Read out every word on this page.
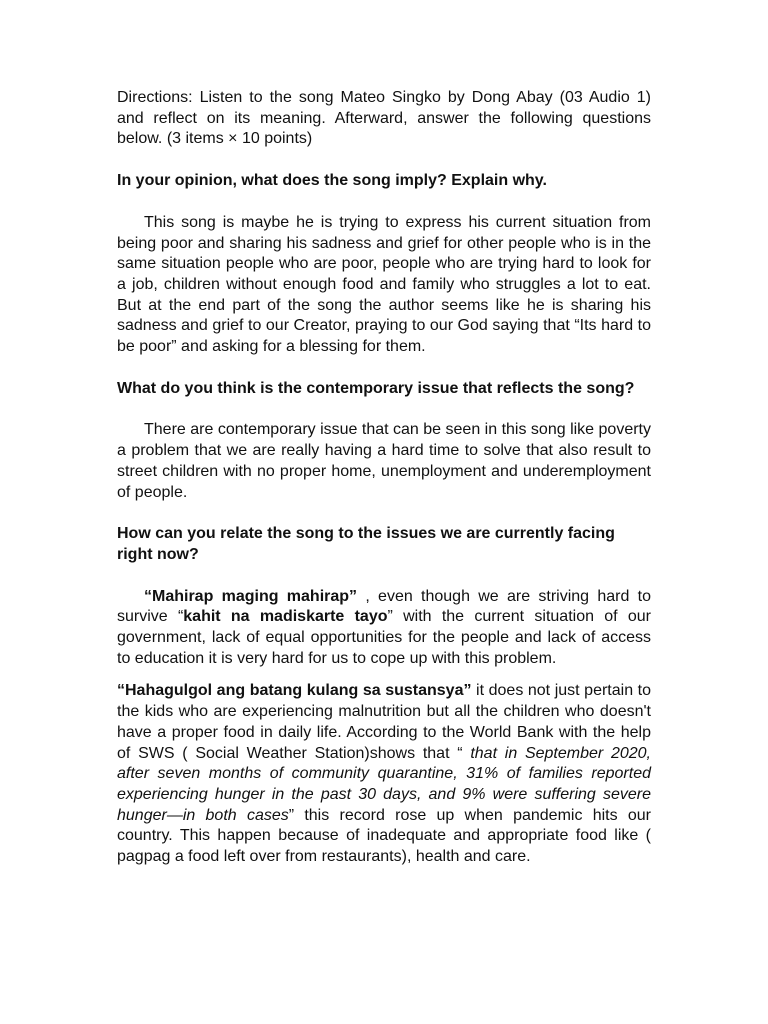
Directions: Listen to the song Mateo Singko by Dong Abay (03 Audio 1) and reflect on its meaning. Afterward, answer the following questions below. (3 items × 10 points)

In your opinion, what does the song imply? Explain why.

This song is maybe he is trying to express his current situation from being poor and sharing his sadness and grief for other people who is in the same situation people who are poor, people who are trying hard to look for a job, children without enough food and family who struggles a lot to eat. But at the end part of the song the author seems like he is sharing his sadness and grief to our Creator, praying to our God saying that “Its hard to be poor” and asking for a blessing for them.

What do you think is the contemporary issue that reflects the song?

There are contemporary issue that can be seen in this song like poverty a problem that we are really having a hard time to solve that also result to street children with no proper home, unemployment and underemployment of people.

How can you relate the song to the issues we are currently facing right now?

“Mahirap maging mahirap” , even though we are striving hard to survive “kahit na madiskarte tayo” with the current situation of our government, lack of equal opportunities for the people and lack of access to education it is very hard for us to cope up with this problem.

“Hahagulgol ang batang kulang sa sustansya” it does not just pertain to the kids who are experiencing malnutrition but all the children who doesn't have a proper food in daily life. According to the World Bank with the help of SWS ( Social Weather Station)shows that “ that in September 2020, after seven months of community quarantine, 31% of families reported experiencing hunger in the past 30 days, and 9% were suffering severe hunger—in both cases” this record rose up when pandemic hits our country. This happen because of inadequate and appropriate food like ( pagpag a food left over from restaurants), health and care.
